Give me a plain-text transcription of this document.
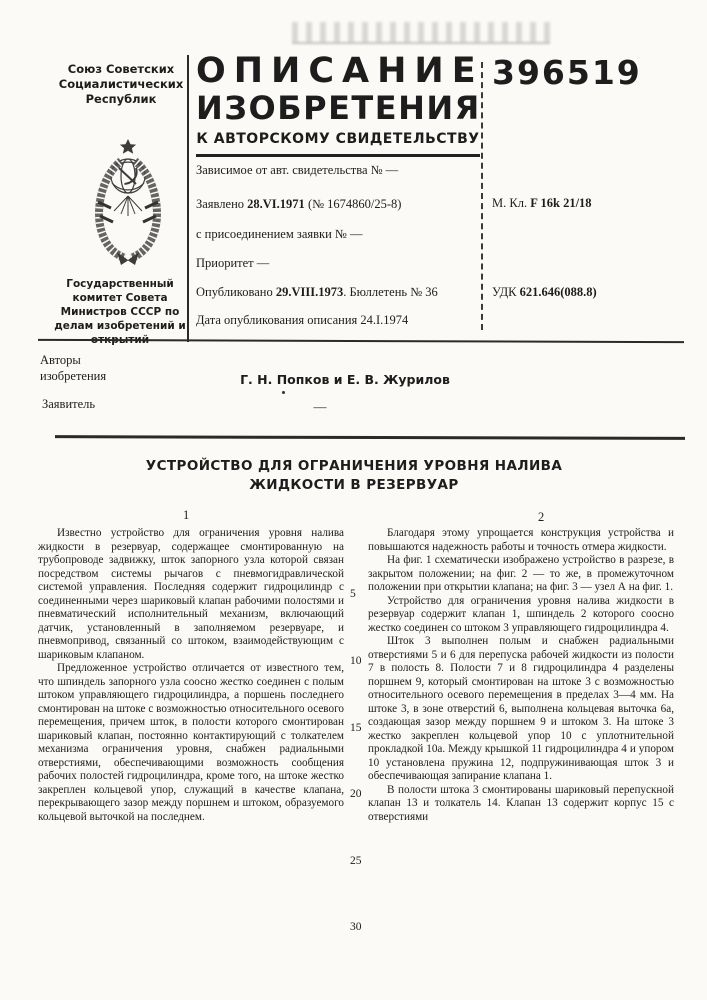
Союз Советских Социалистических Республик
Государственный комитет Совета Министров СССР по делам изобретений и
ОПИСАНИЕ
ИЗОБРЕТЕНИЯ
К АВТОРСКОМУ СВИДЕТЕЛЬСТВУ
Зависимое от авт. свидетельства № —
Заявлено 28.VI.1971 (№ 1674860/25-8)
с присоединением заявки № —
Приоритет —
Опубликовано 29.VIII.1973. Бюллетень № 36
Дата опубликования описания 24.I.1974
396519
М. Кл. F 16k 21/18
УДК 621.646(088.8)
Авторы изобретения	Г. Н. Попков и Е. В. Журилов
Заявитель	—
УСТРОЙСТВО ДЛЯ ОГРАНИЧЕНИЯ УРОВНЯ НАЛИВА
ЖИДКОСТИ В РЕЗЕРВУАР
1	2

Известно устройство для ограничения уровня налива жидкости в резервуар, содержащее смонтированную на трубопроводе задвижку, шток запорного узла которой связан посредством системы рычагов с пневмогидравлической системой управления. Последняя содержит гидроцилиндр с соединенными через шариковый клапан рабочими полостями и пневматический исполнительный механизм, включающий датчик, установленный в заполняемом резервуаре, и пневмопривод, связанный со штоком, взаимодействующим с шариковым клапаном.

Предложенное устройство отличается от известного тем, что шпиндель запорного узла соосно жестко соединен с полым штоком управляющего гидроцилиндра, а поршень последнего смонтирован на штоке с возможностью относительного осевого перемещения, причем шток, в полости которого смонтирован шариковый клапан, постоянно контактирующий с толкателем механизма ограничения уровня, снабжен радиальными отверстиями, обеспечивающими возможность сообщения рабочих полостей гидроцилиндра, кроме того, на штоке жестко закреплен кольцевой упор, служащий в качестве клапана, перекрывающего зазор между поршнем и штоком, образуемого кольцевой выточкой на последнем.

Благодаря этому упрощается конструкция устройства и повышаются надежность работы и точность отмера жидкости.

На фиг. 1 схематически изображено устройство в разрезе, в закрытом положении; на фиг. 2 — то же, в промежуточном положении при открытии клапана; на фиг. 3 — узел А на фиг. 1.

Устройство для ограничения уровня налива жидкости в резервуар содержит клапан 1, шпиндель 2 которого соосно жестко соединен со штоком 3 управляющего гидроцилиндра 4.

Шток 3 выполнен полым и снабжен радиальными отверстиями 5 и 6 для перепуска рабочей жидкости из полости 7 в полость 8. Полости 7 и 8 гидроцилиндра 4 разделены поршнем 9, который смонтирован на штоке 3 с возможностью относительного осевого перемещения в пределах 3—4 мм. На штоке 3, в зоне отверстий 6, выполнена кольцевая выточка 6а, создающая зазор между поршнем 9 и штоком 3. На штоке 3 жестко закреплен кольцевой упор 10 с уплотнительной прокладкой 10а. Между крышкой 11 гидроцилиндра 4 и упором 10 установлена пружина 12, подпружинивающая шток 3 и обеспечивающая запирание клапана 1.

В полости штока 3 смонтированы шариковый перепускной клапан 13 и толкатель 14. Клапан 13 содержит корпус 15 с отверстиями

5
10
15
20
25
30
